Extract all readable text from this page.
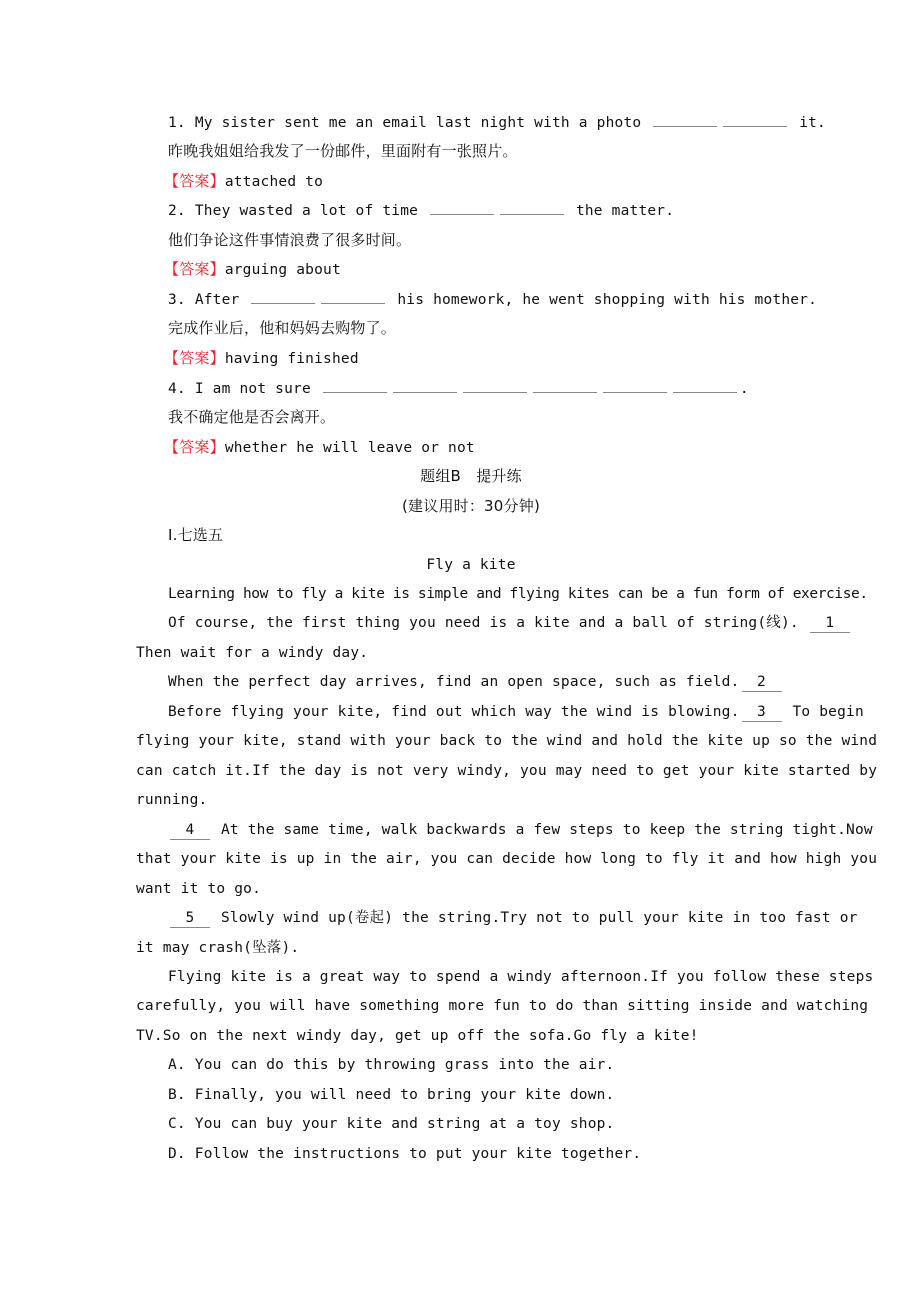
1. My sister sent me an email last night with a photo	it.
昨晚我姐姐给我发了一份邮件，里面附有一张照片。
【答案】attached to
2. They wasted a lot of time	the matter.
他们争论这件事情浪费了很多时间。
【答案】arguing about
3. After	his homework, he went shopping with his mother.
完成作业后，他和妈妈去购物了。
【答案】having finished
4. I am not sure	.
我不确定他是否会离开。
【答案】whether he will leave or not
题组B　提升练
(建议用时：30分钟)
Ⅰ.七选五
Fly a kite
Learning how to fly a kite is simple and flying kites can be a fun form of exercise.
Of course, the first thing you need is a kite and a ball of string(线). 1
Then wait for a windy day.
When the perfect day arrives, find an open space, such as field. 2
Before flying your kite, find out which way the wind is blowing. 3 To begin
flying your kite, stand with your back to the wind and hold the kite up so the wind
can catch it.If the day is not very windy, you may need to get your kite started by
running.
4 At the same time, walk backwards a few steps to keep the string tight.Now
that your kite is up in the air, you can decide how long to fly it and how high you
want it to go.
5 Slowly wind up(卷起) the string.Try not to pull your kite in too fast or
it may crash(坠落).
Flying kite is a great way to spend a windy afternoon.If you follow these steps
carefully, you will have something more fun to do than sitting inside and watching
TV.So on the next windy day, get up off the sofa.Go fly a kite!
A. You can do this by throwing grass into the air.
B. Finally, you will need to bring your kite down.
C. You can buy your kite and string at a toy shop.
D. Follow the instructions to put your kite together.
